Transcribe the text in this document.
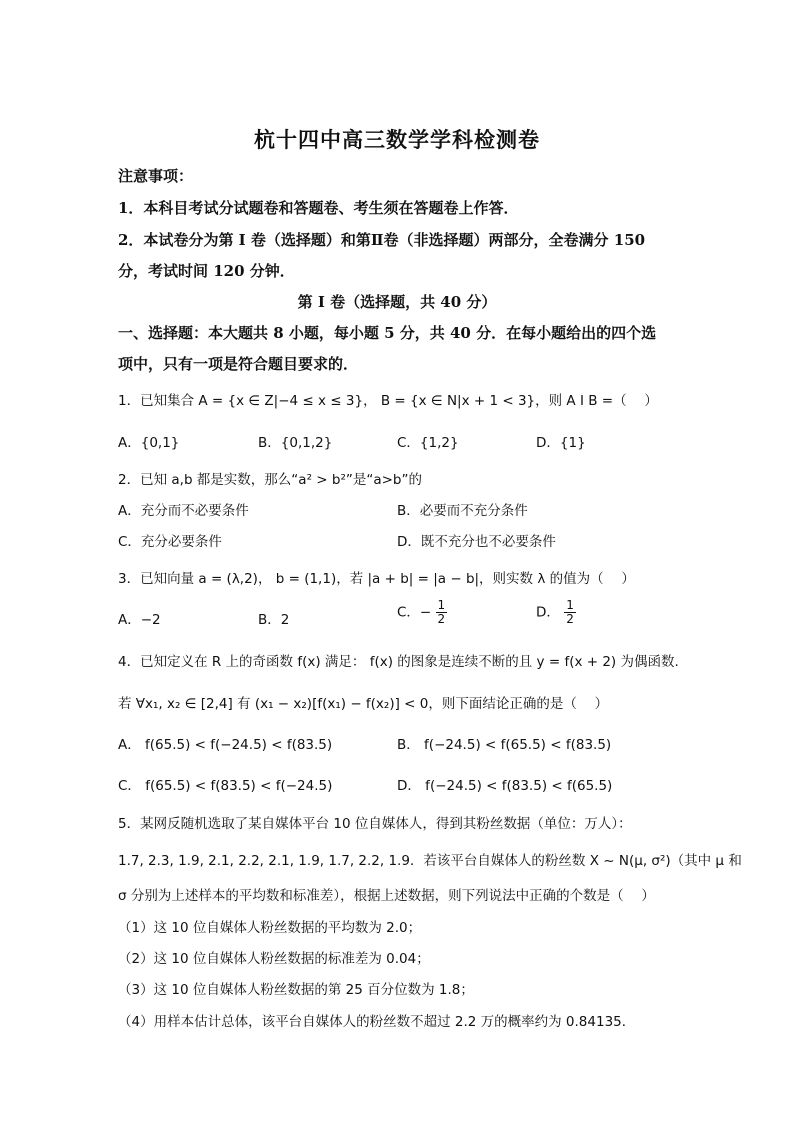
杭十四中高三数学学科检测卷
注意事项：
1．本科目考试分试题卷和答题卷、考生须在答题卷上作答．
2．本试卷分为第 I 卷（选择题）和第Ⅱ卷（非选择题）两部分，全卷满分 150
分，考试时间 120 分钟．
第 I 卷（选择题，共 40 分）
一、选择题：本大题共 8 小题，每小题 5 分，共 40 分．在每小题给出的四个选
项中，只有一项是符合题目要求的．
1．已知集合 A = {x ∈ Z|−4 ≤ x ≤ 3}， B = {x ∈ N|x + 1 < 3}，则 A I B =（　 ）
A．{0,1}	B．{0,1,2}	C．{1,2}	D．{1}
2．已知 a,b 都是实数，那么“a² > b²”是“a>b”的
A．充分而不必要条件	B．必要而不充分条件
C．充分必要条件	D．既不充分也不必要条件
3．已知向量 a = (λ,2)， b = (1,1)，若 |a + b| = |a − b|，则实数 λ 的值为（　 ）
A．−2	B．2	C．− $\frac{1}{2}$	D． $\frac{1}{2}$
4．已知定义在 R 上的奇函数 f(x) 满足： f(x) 的图象是连续不断的且 y = f(x + 2) 为偶函数.
若 ∀x₁, x₂ ∈ [2,4] 有 (x₁ − x₂)[f(x₁) − f(x₂)] < 0，则下面结论正确的是（　 ）
A． f(65.5) < f(−24.5) < f(83.5)	B． f(−24.5) < f(65.5) < f(83.5)
C． f(65.5) < f(83.5) < f(−24.5)	D． f(−24.5) < f(83.5) < f(65.5)
5．某网反随机选取了某自媒体平台 10 位自媒体人，得到其粉丝数据（单位：万人）：
1.7, 2.3, 1.9, 2.1, 2.2, 2.1, 1.9, 1.7, 2.2, 1.9．若该平台自媒体人的粉丝数 X ~ N(μ, σ²)（其中 μ 和
σ 分别为上述样本的平均数和标准差），根据上述数据，则下列说法中正确的个数是（　 ）
（1）这 10 位自媒体人粉丝数据的平均数为 2.0；
（2）这 10 位自媒体人粉丝数据的标准差为 0.04；
（3）这 10 位自媒体人粉丝数据的第 25 百分位数为 1.8；
（4）用样本估计总体，该平台自媒体人的粉丝数不超过 2.2 万的概率约为 0.84135．
